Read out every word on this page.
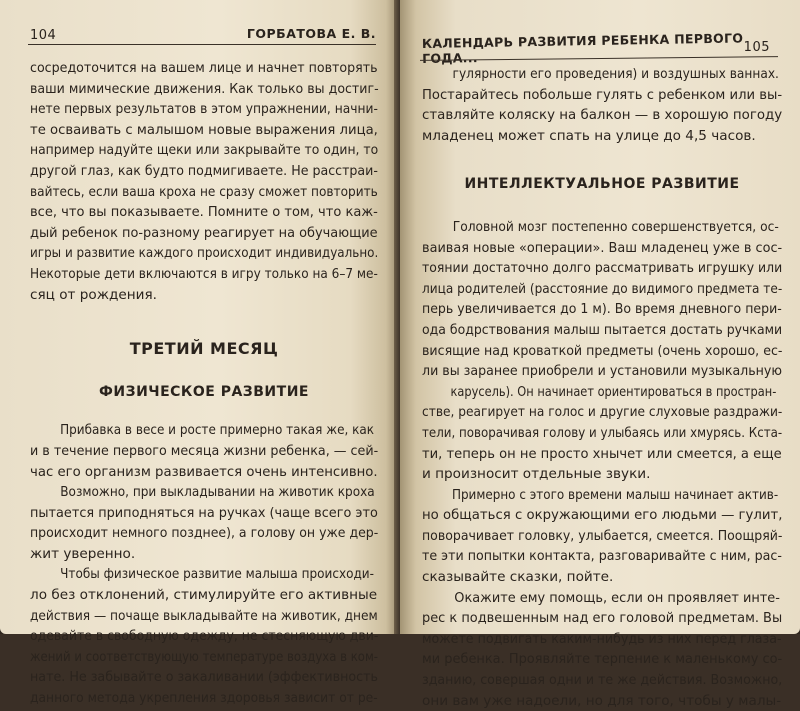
104	ГОРБАТОВА Е. В.

сосредоточится на вашем лице и начнет повторять
ваши мимические движения. Как только вы достиг-
нете первых результатов в этом упражнении, начни-
те осваивать с малышом новые выражения лица,
например надуйте щеки или закрывайте то один, то
другой глаз, как будто подмигиваете. Не расстраи-
вайтесь, если ваша кроха не сразу сможет повторить
все, что вы показываете. Помните о том, что каж-
дый ребенок по-разному реагирует на обучающие
игры и развитие каждого происходит индивидуально.
Некоторые дети включаются в игру только на 6–7 ме-
сяц от рождения.

ТРЕТИЙ МЕСЯЦ
ФИЗИЧЕСКОЕ РАЗВИТИЕ

Прибавка в весе и росте примерно такая же, как
и в течение первого месяца жизни ребенка, — сей-
час его организм развивается очень интенсивно.

Возможно, при выкладывании на животик кроха
пытается приподняться на ручках (чаще всего это
происходит немного позднее), а голову он уже дер-
жит уверенно.

Чтобы физическое развитие малыша происходи-
ло без отклонений, стимулируйте его активные
действия — почаще выкладывайте на животик, днем
одевайте в свободную одежду, не стесняющую дви-
жений и соответствующую температуре воздуха в ком-
нате. Не забывайте о закаливании (эффективность
данного метода укрепления здоровья зависит от ре-

КАЛЕНДАРЬ РАЗВИТИЯ РЕБЕНКА ПЕРВОГО ГОДА...
105

гулярности его проведения) и воздушных ваннах.
Постарайтесь побольше гулять с ребенком или вы-
ставляйте коляску на балкон — в хорошую погоду
младенец может спать на улице до 4,5 часов.

ИНТЕЛЛЕКТУАЛЬНОЕ РАЗВИТИЕ

Головной мозг постепенно совершенствуется, ос-
ваивая новые «операции». Ваш младенец уже в сос-
тоянии достаточно долго рассматривать игрушку или
лица родителей (расстояние до видимого предмета те-
перь увеличивается до 1 м). Во время дневного пери-
ода бодрствования малыш пытается достать ручками
висящие над кроваткой предметы (очень хорошо, ес-
ли вы заранее приобрели и установили музыкальную
карусель). Он начинает ориентироваться в простран-
стве, реагирует на голос и другие слуховые раздражи-
тели, поворачивая голову и улыбаясь или хмурясь. Кста-
ти, теперь он не просто хнычет или смеется, а еще
и произносит отдельные звуки.

Примерно с этого времени малыш начинает актив-
но общаться с окружающими его людьми — гулит,
поворачивает головку, улыбается, смеется. Поощряй-
те эти попытки контакта, разговаривайте с ним, рас-
сказывайте сказки, пойте.

Окажите ему помощь, если он проявляет инте-
рес к подвешенным над его головой предметам. Вы
можете подвигать каким-нибудь из них перед глаза-
ми ребенка. Проявляйте терпение к маленькому со-
зданию, совершая одни и те же действия. Возможно,
они вам уже надоели, но для того, чтобы у малы-
